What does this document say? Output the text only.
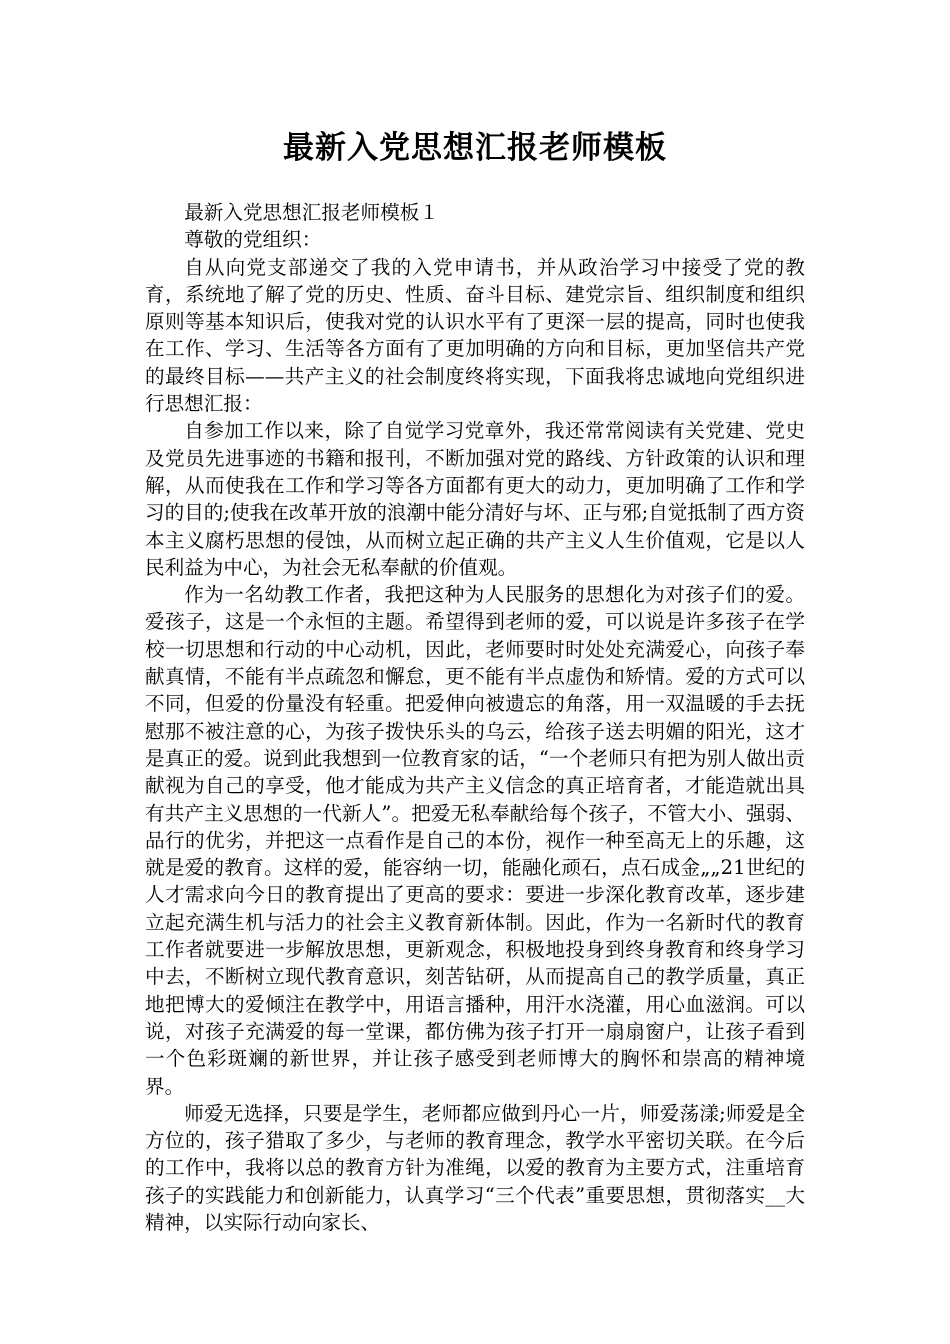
最新入党思想汇报老师模板

最新入党思想汇报老师模板１

尊敬的党组织：

自从向党支部递交了我的入党申请书，并从政治学习中接受了党的教育，系统地了解了党的历史、性质、奋斗目标、建党宗旨、组织制度和组织原则等基本知识后，使我对党的认识水平有了更深一层的提高，同时也使我在工作、学习、生活等各方面有了更加明确的方向和目标，更加坚信共产党的最终目标——共产主义的社会制度终将实现，下面我将忠诚地向党组织进行思想汇报：

自参加工作以来，除了自觉学习党章外，我还常常阅读有关党建、党史及党员先进事迹的书籍和报刊，不断加强对党的路线、方针政策的认识和理解，从而使我在工作和学习等各方面都有更大的动力，更加明确了工作和学习的目的;使我在改革开放的浪潮中能分清好与坏、正与邪;自觉抵制了西方资本主义腐朽思想的侵蚀，从而树立起正确的共产主义人生价值观，它是以人民利益为中心，为社会无私奉献的价值观。

作为一名幼教工作者，我把这种为人民服务的思想化为对孩子们的爱。爱孩子，这是一个永恒的主题。希望得到老师的爱，可以说是许多孩子在学校一切思想和行动的中心动机，因此，老师要时时处处充满爱心，向孩子奉献真情，不能有半点疏忽和懈怠，更不能有半点虚伪和矫情。爱的方式可以不同，但爱的份量没有轻重。把爱伸向被遗忘的角落，用一双温暖的手去抚慰那不被注意的心，为孩子拨快乐头的乌云，给孩子送去明媚的阳光，这才是真正的爱。说到此我想到一位教育家的话，“一个老师只有把为别人做出贡献视为自己的享受，他才能成为共产主义信念的真正培育者，才能造就出具有共产主义思想的一代新人”。把爱无私奉献给每个孩子，不管大小、强弱、品行的优劣，并把这一点看作是自己的本份，视作一种至高无上的乐趣，这就是爱的教育。这样的爱，能容纳一切，能融化顽石，点石成金„„21世纪的人才需求向今日的教育提出了更高的要求：要进一步深化教育改革，逐步建立起充满生机与活力的社会主义教育新体制。因此，作为一名新时代的教育工作者就要进一步解放思想，更新观念，积极地投身到终身教育和终身学习中去，不断树立现代教育意识，刻苦钻研，从而提高自己的教学质量，真正地把博大的爱倾注在教学中，用语言播种，用汗水浇灌，用心血滋润。可以说，对孩子充满爱的每一堂课，都仿佛为孩子打开一扇扇窗户，让孩子看到一个色彩斑斓的新世界，并让孩子感受到老师博大的胸怀和崇高的精神境界。

师爱无选择，只要是学生，老师都应做到丹心一片，师爱荡漾;师爱是全方位的，孩子猎取了多少，与老师的教育理念，教学水平密切关联。在今后的工作中，我将以总的教育方针为准绳，以爱的教育为主要方式，注重培育孩子的实践能力和创新能力，认真学习“三个代表”重要思想，贯彻落实__大精神，以实际行动向家长、
